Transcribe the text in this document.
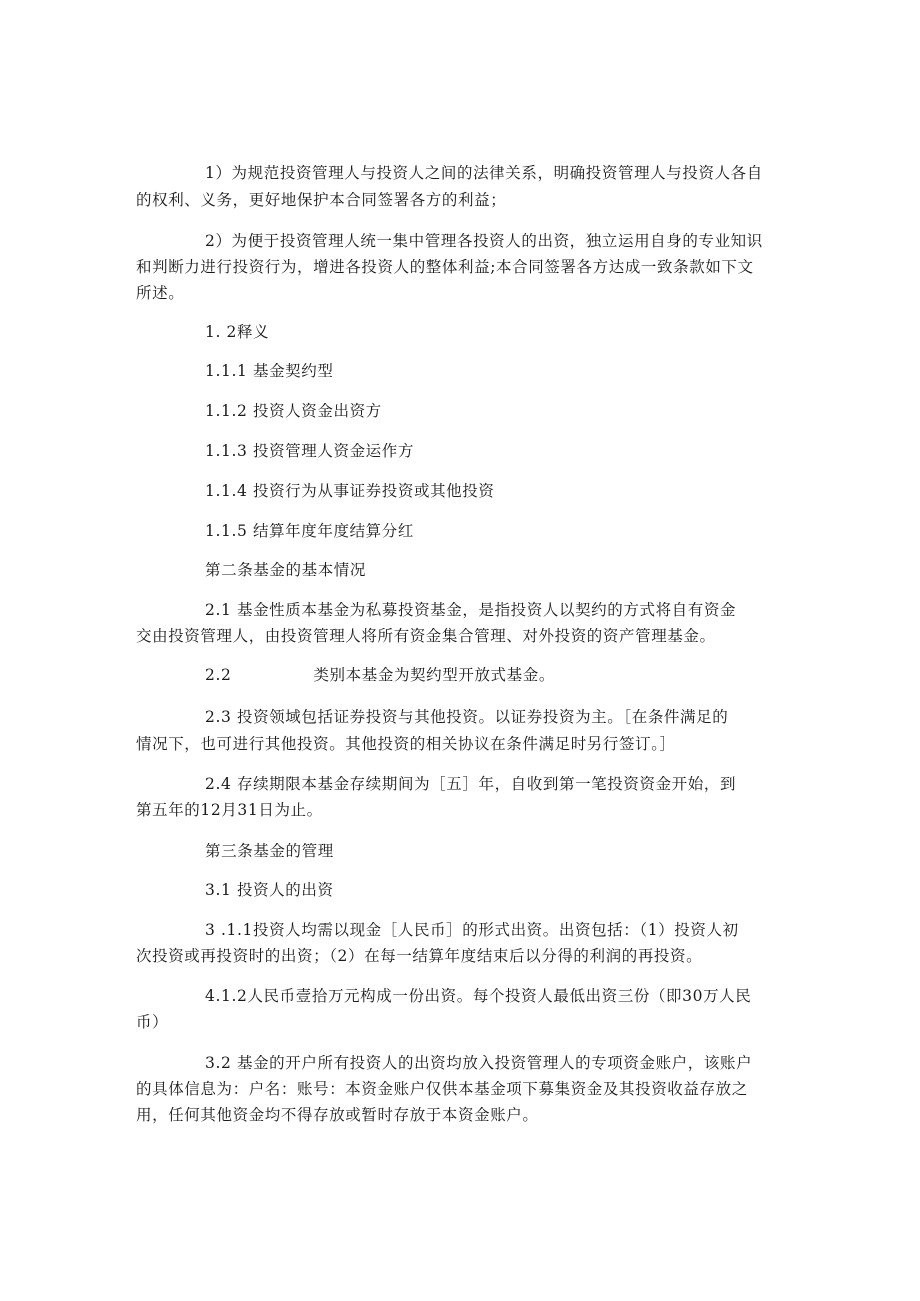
1）为规范投资管理人与投资人之间的法律关系，明确投资管理人与投资人各自
的权利、义务，更好地保护本合同签署各方的利益；
2）为便于投资管理人统一集中管理各投资人的出资，独立运用自身的专业知识
和判断力进行投资行为，增进各投资人的整体利益;本合同签署各方达成一致条款如下文
所述。
1. 2释义
1.1.1 基金契约型
1.1.2 投资人资金出资方
1.1.3 投资管理人资金运作方
1.1.4 投资行为从事证券投资或其他投资
1.1.5 结算年度年度结算分红
第二条基金的基本情况
2.1 基金性质本基金为私募投资基金，是指投资人以契约的方式将自有资金
交由投资管理人，由投资管理人将所有资金集合管理、对外投资的资产管理基金。
2.2	类别本基金为契约型开放式基金。
2.3 投资领域包括证券投资与其他投资。以证券投资为主。［在条件满足的
情况下，也可进行其他投资。其他投资的相关协议在条件满足时另行签订。］
2.4 存续期限本基金存续期间为［五］年，自收到第一笔投资资金开始，到
第五年的12月31日为止。
第三条基金的管理
3.1 投资人的出资
3 .1.1投资人均需以现金［人民币］的形式出资。出资包括：（1）投资人初
次投资或再投资时的出资；（2）在每一结算年度结束后以分得的利润的再投资。
4.1.2人民币壹拾万元构成一份出资。每个投资人最低出资三份（即30万人民
币）
3.2 基金的开户所有投资人的出资均放入投资管理人的专项资金账户，该账户
的具体信息为：户名：账号：本资金账户仅供本基金项下募集资金及其投资收益存放之
用，任何其他资金均不得存放或暂时存放于本资金账户。
